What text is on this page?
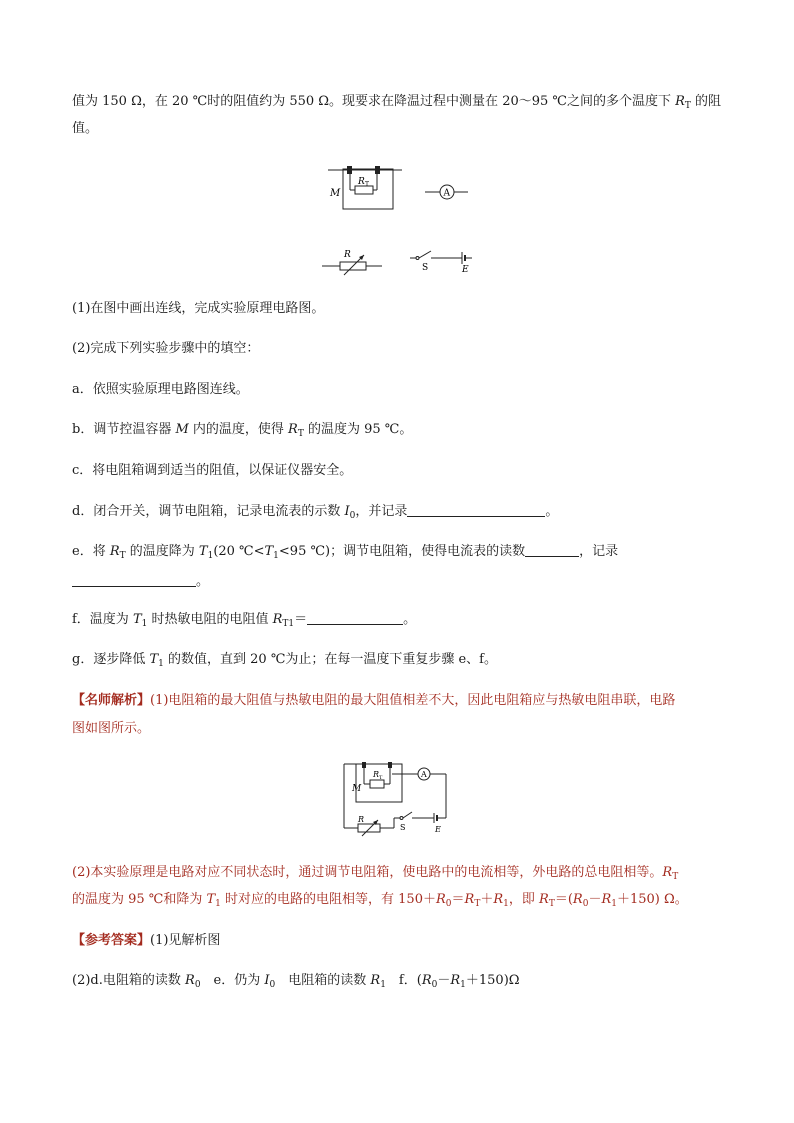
值为 150 Ω，在 20 ℃时的阻值约为 550 Ω。现要求在降温过程中测量在 20～95 ℃之间的多个温度下 $R_T$ 的阻
值。
M
R T
A
R
S	E
(1)在图中画出连线，完成实验原理电路图。
(2)完成下列实验步骤中的填空：
a．依照实验原理电路图连线。
b．调节控温容器 M 内的温度，使得 $R_T$ 的温度为 95 ℃。
c．将电阻箱调到适当的阻值，以保证仪器安全。
d．闭合开关，调节电阻箱，记录电流表的示数 $I_0$，并记录	。
e．将 $R_T$ 的温度降为 $T_1(20$ $℃<T_1<95$ ℃)；调节电阻箱，使得电流表的读数	，记录
。
f．温度为 $T_1$ 时热敏电阻的电阻值 $R_{T1}=$	。
g．逐步降低 $T_1$ 的数值，直到 20 ℃为止；在每一温度下重复步骤 e、f。
【名师解析】(1)电阻箱的最大阻值与热敏电阻的最大阻值相差不大，因此电阻箱应与热敏电阻串联，电路
图如图所示。
M
R T	A
R
S	E
(2)本实验原理是电路对应不同状态时，通过调节电阻箱，使电路中的电流相等，外电路的总电阻相等。$R_T$
的温度为 95 ℃和降为 $T_1$ 时对应的电路的电阻相等，有 $150+R_0=R_T+R_1$，即 $R_T=(R_0-R_1+150)$ Ω。
【参考答案】(1)见解析图
(2)d.电阻箱的读数 $R_0$　e．仍为 $I_0$　电阻箱的读数 $R_1$　f．$(R_0-R_1+150)\Omega$
